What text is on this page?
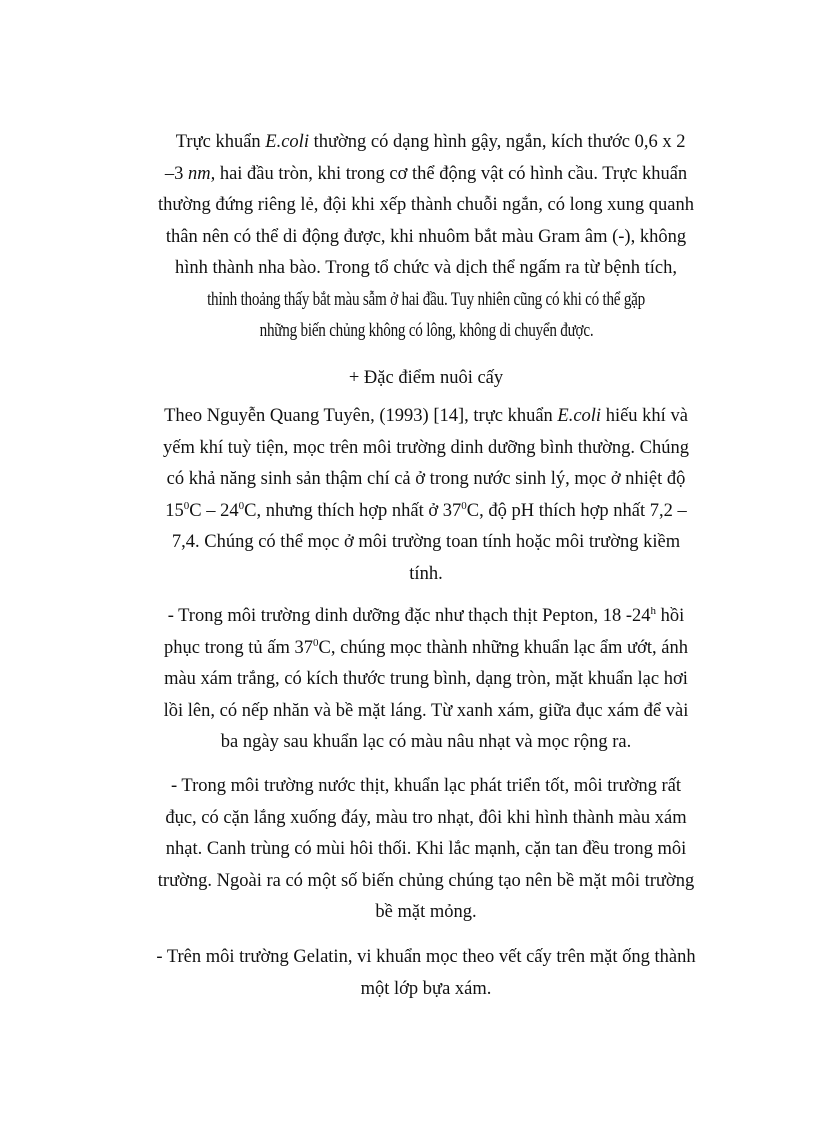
Trực khuẩn E.coli thường có dạng hình gậy, ngắn, kích thước 0,6 x 2
–3 nm, hai đầu tròn, khi trong cơ thể động vật có hình cầu. Trực khuẩn
thường đứng riêng lẻ, đội khi xếp thành chuỗi ngắn, có long xung quanh
thân nên có thể di động được, khi nhuôm bắt màu Gram âm (-), không
hình thành nha bào. Trong tổ chức và dịch thể ngấm ra từ bệnh tích,
thỉnh thoảng thấy bắt màu sẫm ở hai đầu. Tuy nhiên cũng có khi có thể gặp
những biến chủng không có lông, không di chuyển được.
+ Đặc điểm nuôi cấy
Theo Nguyễn Quang Tuyên, (1993) [14], trực khuẩn E.coli hiếu khí và
yếm khí tuỳ tiện, mọc trên môi trường dinh dưỡng bình thường. Chúng
có khả năng sinh sản thậm chí cả ở trong nước sinh lý, mọc ở nhiệt độ
$15^0C - 24^0C$, nhưng thích hợp nhất ở $37^0C$, độ pH thích hợp nhất 7,2 –
7,4. Chúng có thể mọc ở môi trường toan tính hoặc môi trường kiềm
tính.
- Trong môi trường dinh dưỡng đặc như thạch thịt Pepton, 18 -24$^h$ hồi
phục trong tủ ấm $37^0C$, chúng mọc thành những khuẩn lạc ẩm ướt, ánh
màu xám trắng, có kích thước trung bình, dạng tròn, mặt khuẩn lạc hơi
lồi lên, có nếp nhăn và bề mặt láng. Từ xanh xám, giữa đục xám để vài
ba ngày sau khuẩn lạc có màu nâu nhạt và mọc rộng ra.
- Trong môi trường nước thịt, khuẩn lạc phát triển tốt, môi trường rất
đục, có cặn lắng xuống đáy, màu tro nhạt, đôi khi hình thành màu xám
nhạt. Canh trùng có mùi hôi thối. Khi lắc mạnh, cặn tan đều trong môi
trường. Ngoài ra có một số biến chủng chúng tạo nên bề mặt môi trường
bề mặt mỏng.
- Trên môi trường Gelatin, vi khuẩn mọc theo vết cấy trên mặt ống thành
một lớp bựa xám.
